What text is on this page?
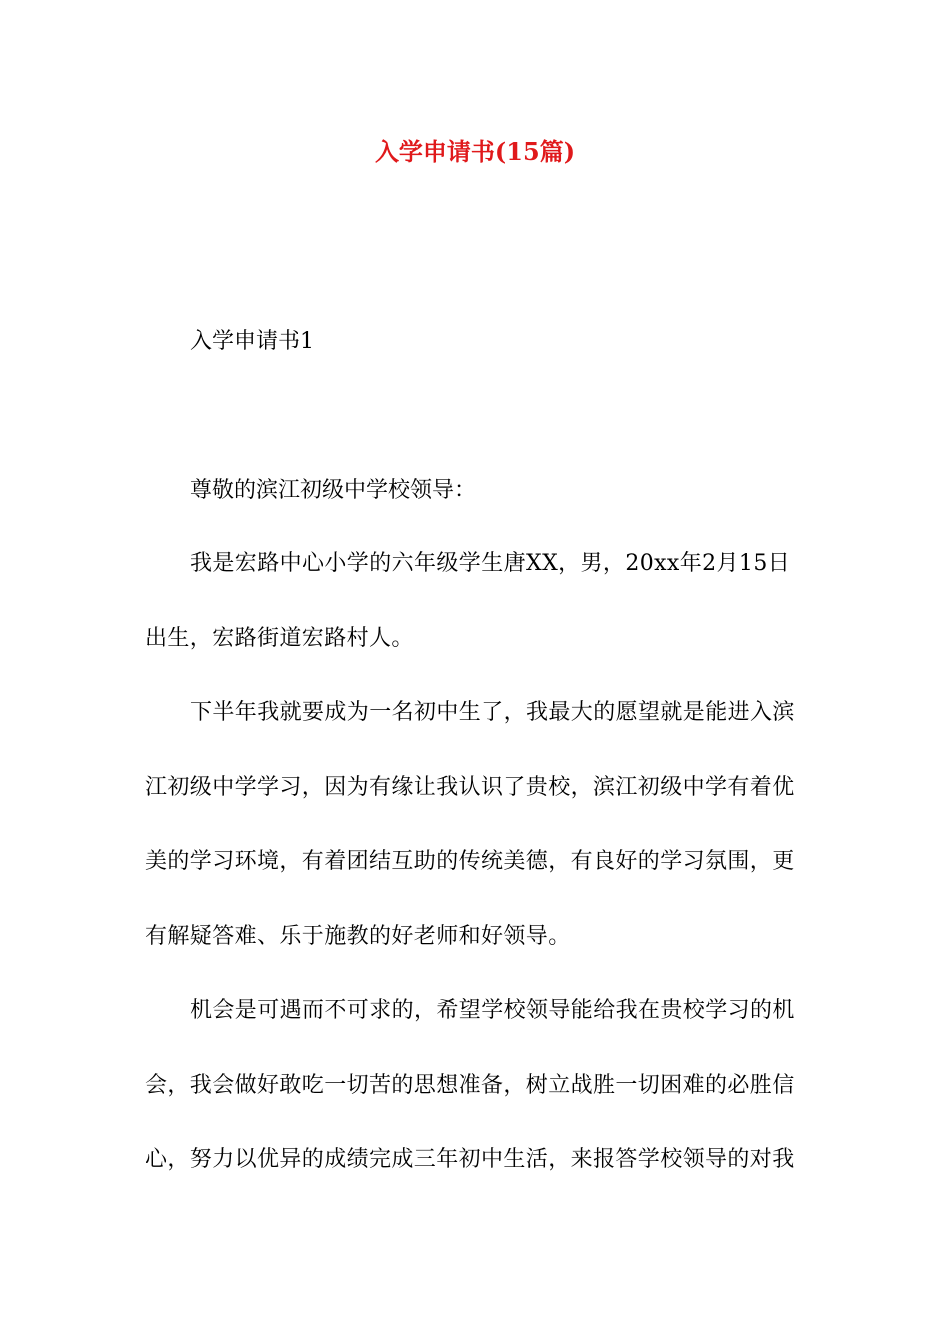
入学申请书(15篇)
入学申请书1
尊敬的滨江初级中学校领导：
我是宏路中心小学的六年级学生唐XX，男，20xx年2月15日
出生，宏路街道宏路村人。
下半年我就要成为一名初中生了，我最大的愿望就是能进入滨
江初级中学学习，因为有缘让我认识了贵校，滨江初级中学有着优
美的学习环境，有着团结互助的传统美德，有良好的学习氛围，更
有解疑答难、乐于施教的好老师和好领导。
机会是可遇而不可求的，希望学校领导能给我在贵校学习的机
会，我会做好敢吃一切苦的思想准备，树立战胜一切困难的必胜信
心，努力以优异的成绩完成三年初中生活，来报答学校领导的对我
